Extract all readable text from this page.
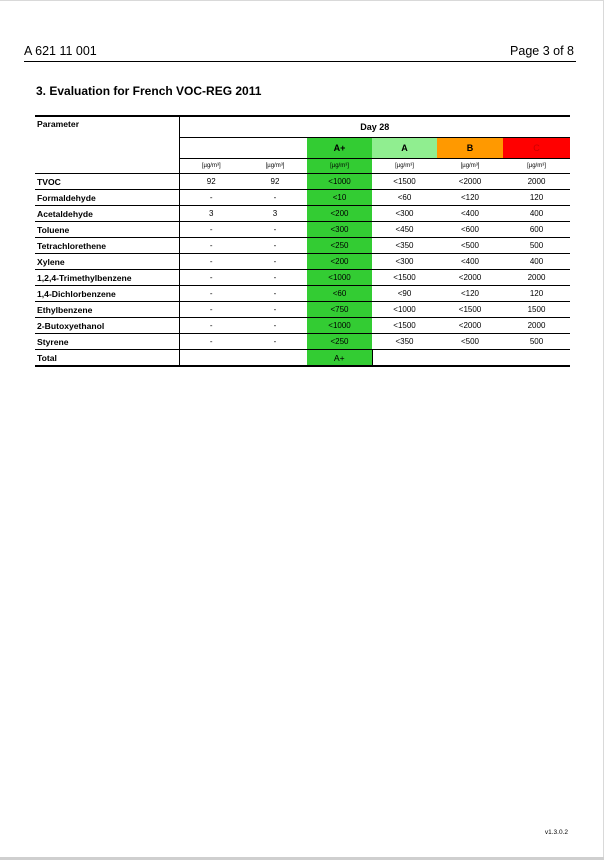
A 621 11 001	Page 3 of 8
3. Evaluation for French VOC-REG 2011
Parameter	Day 28					
			A+	A	B	C
	[µg/m³]	[µg/m³]	[µg/m³]	[µg/m³]	[µg/m³]	[µg/m³]
TVOC	92	92	<1000	<1500	<2000	2000
Formaldehyde	-	-	<10	<60	<120	120
Acetaldehyde	3	3	<200	<300	<400	400
Toluene	-	-	<300	<450	<600	600
Tetrachlorethene	-	-	<250	<350	<500	500
Xylene	-	-	<200	<300	<400	400
1,2,4-Trimethylbenzene	-	-	<1000	<1500	<2000	2000
1,4-Dichlorbenzene	-	-	<60	<90	<120	120
Ethylbenzene	-	-	<750	<1000	<1500	1500
2-Butoxyethanol	-	-	<1000	<1500	<2000	2000
Styrene	-	-	<250	<350	<500	500
Total			A+			
v1.3.0.2
